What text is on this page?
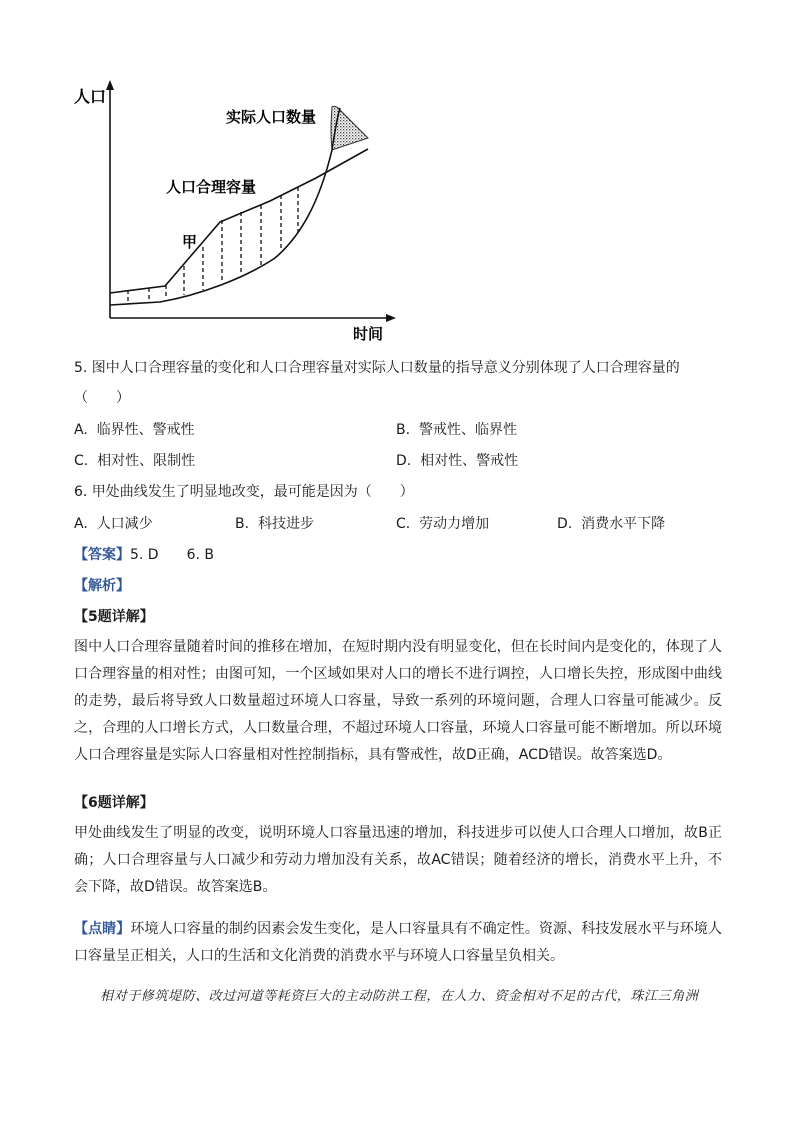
人口
时间
实际人口数量
人口合理容量
甲
5. 图中人口合理容量的变化和人口合理容量对实际人口数量的指导意义分别体现了人口合理容量的
（　　）
A. 临界性、警戒性	B. 警戒性、临界性
C. 相对性、限制性	D. 相对性、警戒性
6. 甲处曲线发生了明显地改变，最可能是因为（　　）
A. 人口减少	B. 科技进步	C. 劳动力增加	D. 消费水平下降
【答案】5. D　　6. B
【解析】
【5题详解】
图中人口合理容量随着时间的推移在增加，在短时期内没有明显变化，但在长时间内是变化的，体现了人口合理容量的相对性；由图可知，一个区域如果对人口的增长不进行调控，人口增长失控，形成图中曲线的走势，最后将导致人口数量超过环境人口容量，导致一系列的环境问题，合理人口容量可能减少。反之，合理的人口增长方式，人口数量合理，不超过环境人口容量，环境人口容量可能不断增加。所以环境人口合理容量是实际人口容量相对性控制指标，具有警戒性，故D正确，ACD错误。故答案选D。
【6题详解】
甲处曲线发生了明显的改变，说明环境人口容量迅速的增加，科技进步可以使人口合理人口增加，故B正确；人口合理容量与人口减少和劳动力增加没有关系，故AC错误；随着经济的增长，消费水平上升，不会下降，故D错误。故答案选B。
【点睛】环境人口容量的制约因素会发生变化，是人口容量具有不确定性。资源、科技发展水平与环境人口容量呈正相关，人口的生活和文化消费的消费水平与环境人口容量呈负相关。
相对于修筑堤防、改过河道等耗资巨大的主动防洪工程，在人力、资金相对不足的古代，珠江三角洲
